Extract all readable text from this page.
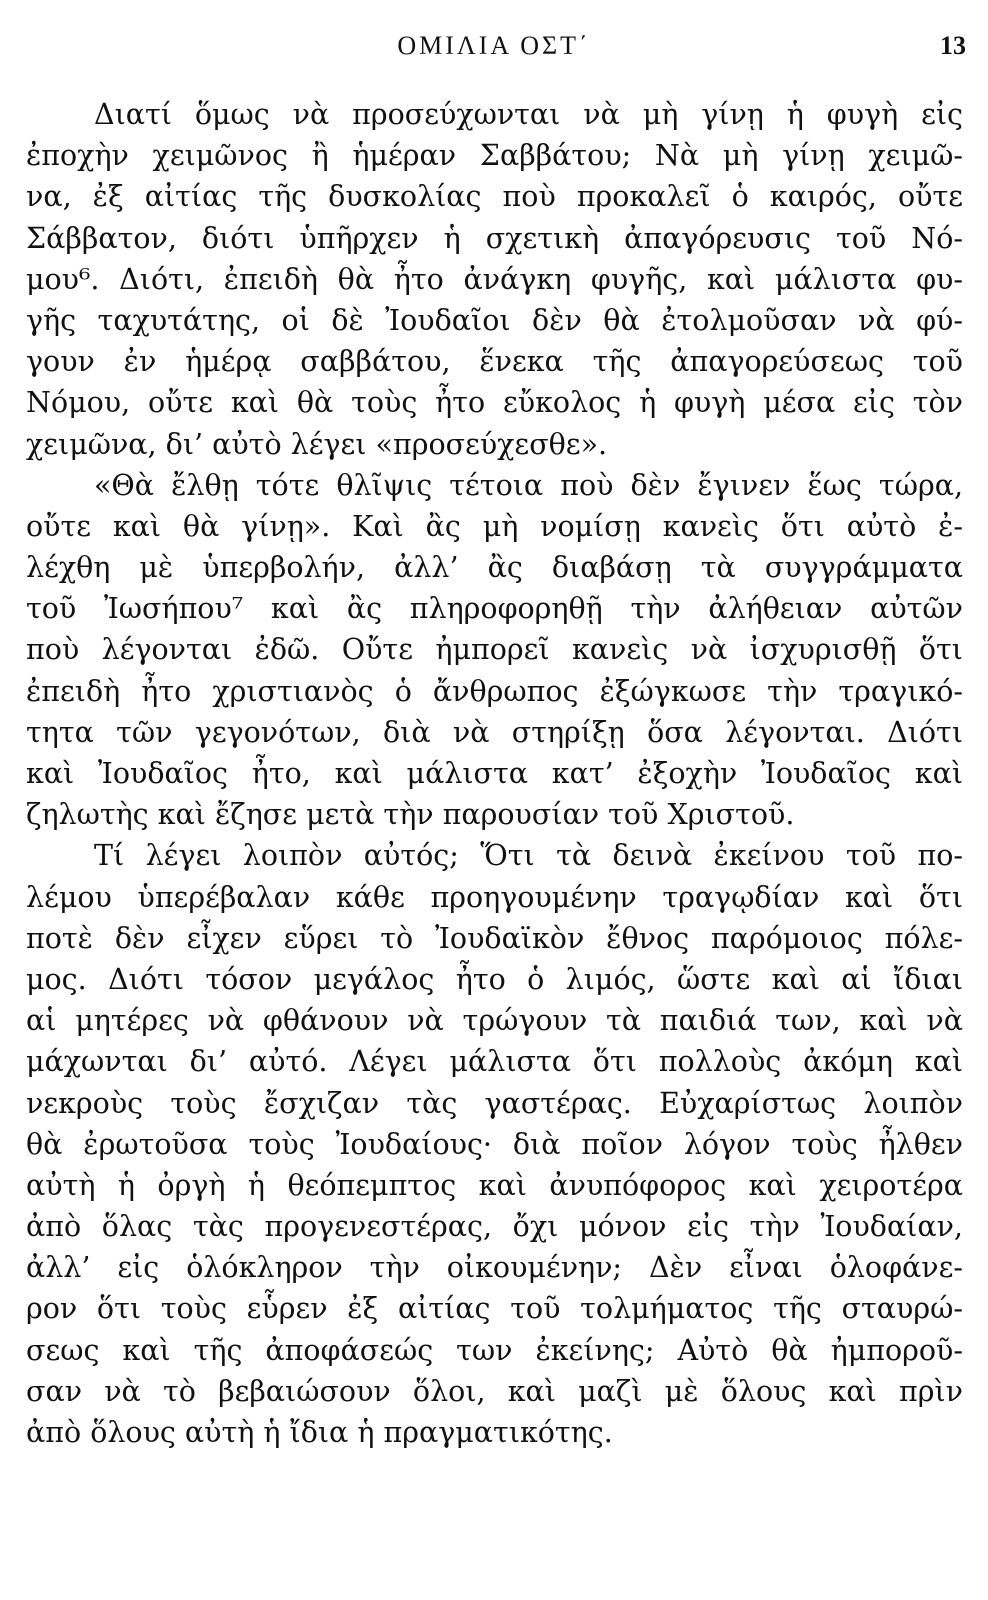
ΟΜΙΛΙΑ ΟΣΤ΄	13
Διατί ὅμως νὰ προσεύχωνται νὰ μὴ γίνῃ ἡ φυγὴ εἰς
ἐποχὴν χειμῶνος ἢ ἡμέραν Σαββάτου; Νὰ μὴ γίνῃ χειμῶ-
να, ἐξ αἰτίας τῆς δυσκολίας ποὺ προκαλεῖ ὁ καιρός, οὔτε
Σάββατον, διότι ὑπῆρχεν ἡ σχετικὴ ἀπαγόρευσις τοῦ Νό-
μου⁶. Διότι, ἐπειδὴ θὰ ἦτο ἀνάγκη φυγῆς, καὶ μάλιστα φυ-
γῆς ταχυτάτης, οἱ δὲ Ἰουδαῖοι δὲν θὰ ἐτολμοῦσαν νὰ φύ-
γουν ἐν ἡμέρᾳ σαββάτου, ἕνεκα τῆς ἀπαγορεύσεως τοῦ
Νόμου, οὔτε καὶ θὰ τοὺς ἦτο εὔκολος ἡ φυγὴ μέσα εἰς τὸν
χειμῶνα, δι’ αὐτὸ λέγει «προσεύχεσθε».
«Θὰ ἔλθῃ τότε θλῖψις τέτοια ποὺ δὲν ἔγινεν ἕως τώρα,
οὔτε καὶ θὰ γίνῃ». Καὶ ἂς μὴ νομίσῃ κανεὶς ὅτι αὐτὸ ἐ-
λέχθη μὲ ὑπερβολήν, ἀλλ’ ἂς διαβάσῃ τὰ συγγράμματα
τοῦ Ἰωσήπου⁷ καὶ ἂς πληροφορηθῇ τὴν ἀλήθειαν αὐτῶν
ποὺ λέγονται ἐδῶ. Οὔτε ἠμπορεῖ κανεὶς νὰ ἰσχυρισθῇ ὅτι
ἐπειδὴ ἦτο χριστιανὸς ὁ ἄνθρωπος ἐξώγκωσε τὴν τραγικό-
τητα τῶν γεγονότων, διὰ νὰ στηρίξῃ ὅσα λέγονται. Διότι
καὶ Ἰουδαῖος ἦτο, καὶ μάλιστα κατ’ ἐξοχὴν Ἰουδαῖος καὶ
ζηλωτὴς καὶ ἔζησε μετὰ τὴν παρουσίαν τοῦ Χριστοῦ.
Τί λέγει λοιπὸν αὐτός; Ὅτι τὰ δεινὰ ἐκείνου τοῦ πο-
λέμου ὑπερέβαλαν κάθε προηγουμένην τραγῳδίαν καὶ ὅτι
ποτὲ δὲν εἶχεν εὕρει τὸ Ἰουδαϊκὸν ἔθνος παρόμοιος πόλε-
μος. Διότι τόσον μεγάλος ἦτο ὁ λιμός, ὥστε καὶ αἱ ἴδιαι
αἱ μητέρες νὰ φθάνουν νὰ τρώγουν τὰ παιδιά των, καὶ νὰ
μάχωνται δι’ αὐτό. Λέγει μάλιστα ὅτι πολλοὺς ἀκόμη καὶ
νεκροὺς τοὺς ἔσχιζαν τὰς γαστέρας. Εὐχαρίστως λοιπὸν
θὰ ἐρωτοῦσα τοὺς Ἰουδαίους· διὰ ποῖον λόγον τοὺς ἦλθεν
αὐτὴ ἡ ὀργὴ ἡ θεόπεμπτος καὶ ἀνυπόφορος καὶ χειροτέρα
ἀπὸ ὅλας τὰς προγενεστέρας, ὄχι μόνον εἰς τὴν Ἰουδαίαν,
ἀλλ’ εἰς ὁλόκληρον τὴν οἰκουμένην; Δὲν εἶναι ὁλοφάνε-
ρον ὅτι τοὺς εὗρεν ἐξ αἰτίας τοῦ τολμήματος τῆς σταυρώ-
σεως καὶ τῆς ἀποφάσεώς των ἐκείνης; Αὐτὸ θὰ ἠμποροῦ-
σαν νὰ τὸ βεβαιώσουν ὅλοι, καὶ μαζὶ μὲ ὅλους καὶ πρὶν
ἀπὸ ὅλους αὐτὴ ἡ ἴδια ἡ πραγματικότης.
